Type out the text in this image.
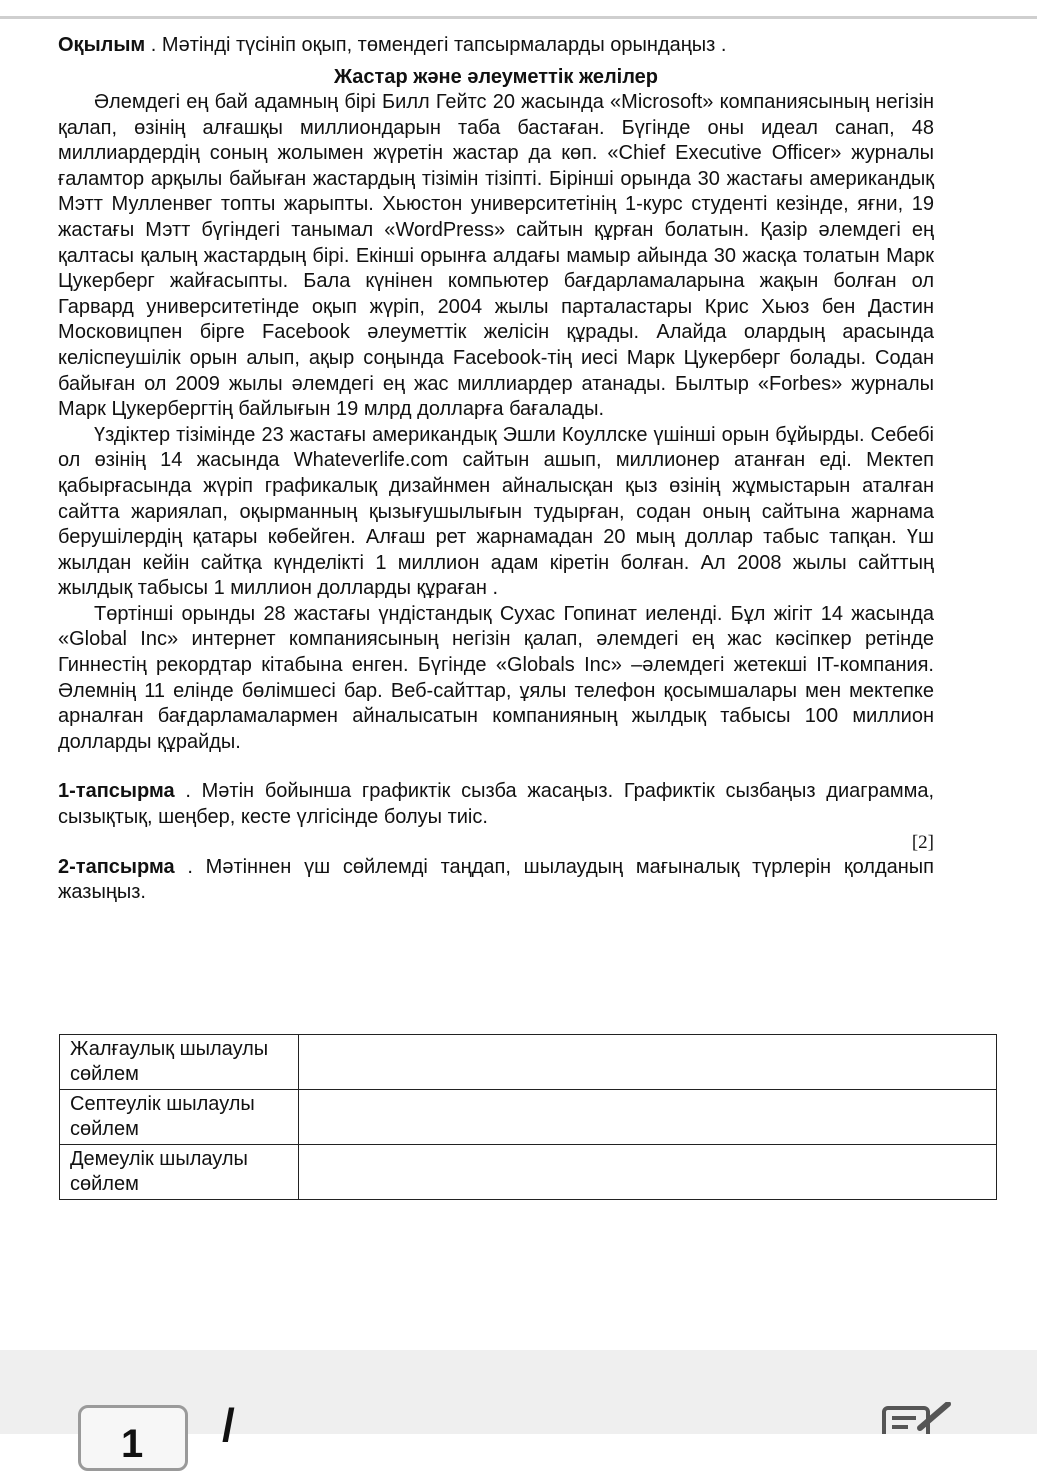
Оқылым . Мәтінді түсініп оқып, төмендегі тапсырмаларды орындаңыз .

Жастар және әлеуметтік желілер

Әлемдегі ең бай адамның бірі Билл Гейтс 20 жасында «Microsoft» компаниясының негізін қалап, өзінің алғашқы миллиондарын таба бастаған. Бүгінде оны идеал санап, 48 миллиардердің соның жолымен жүретін жастар да көп. «Chief Executive Officer» журналы ғаламтор арқылы байыған жастардың тізімін тізіпті. Бірінші орында 30 жастағы американдық Мэтт Мулленвег топты жарыпты. Хьюстон университетінің 1-курс студенті кезінде, яғни, 19 жастағы Мэтт бүгіндегі танымал «WordPress» сайтын құрған болатын. Қазір әлемдегі ең қалтасы қалың жастардың бірі. Екінші орынға алдағы мамыр айында 30 жасқа толатын Марк Цукерберг жайғасыпты. Бала күнінен компьютер бағдарламаларына жақын болған ол Гарвард университетінде оқып жүріп, 2004 жылы парталастары Крис Хьюз бен Дастин Московицпен бірге Facebook әлеуметтік желісін құрады. Алайда олардың арасында келіспеушілік орын алып, ақыр соңында Facebook-тің иесі Марк Цукерберг болады. Содан байыған ол 2009 жылы әлемдегі ең жас миллиардер атанады. Былтыр «Forbes» журналы Марк Цукербергтің байлығын 19 млрд долларға бағалады.

Үздіктер тізімінде 23 жастағы американдық Эшли Коуллске үшінші орын бұйырды. Себебі ол өзінің 14 жасында Whateverlife.com сайтын ашып, миллионер атанған еді. Мектеп қабырғасында жүріп графикалық дизайнмен айналысқан қыз өзінің жұмыстарын аталған сайтта жариялап, оқырманның қызығушылығын тудырған, содан оның сайтына жарнама берушілердің қатары көбейген. Алғаш рет жарнамадан 20 мың доллар табыс тапқан. Үш жылдан кейін сайтқа күнделікті 1 миллион адам кіретін болған. Ал 2008 жылы сайттың жылдық табысы 1 миллион долларды құраған .

Төртінші орынды 28 жастағы үндістандық Сухас Гопинат иеленді. Бұл жігіт 14 жасында «Global Inc» интернет компаниясының негізін қалап, әлемдегі ең жас кәсіпкер ретінде Гиннестің рекордтар кітабына енген. Бүгінде «Globals Inc» –әлемдегі жетекші IT-компания. Әлемнің 11 елінде бөлімшесі бар. Веб-сайттар, ұялы телефон қосымшалары мен мектепке арналған бағдарламалармен айналысатын компанияның жылдық табысы 100 миллион долларды құрайды.

1-тапсырма . Мәтін бойынша графиктік сызба жасаңыз. Графиктік сызбаңыз диаграмма, сызықтық, шеңбер, кесте үлгісінде болуы тиіс.

[2]

2-тапсырма . Мәтіннен үш сөйлемді таңдап, шылаудың мағыналық түрлерін қолданып жазыңыз.

Жалғаулық шылаулы сөйлем	
Септеулік шылаулы сөйлем	
Демеулік шылаулы сөйлем	
1 /
